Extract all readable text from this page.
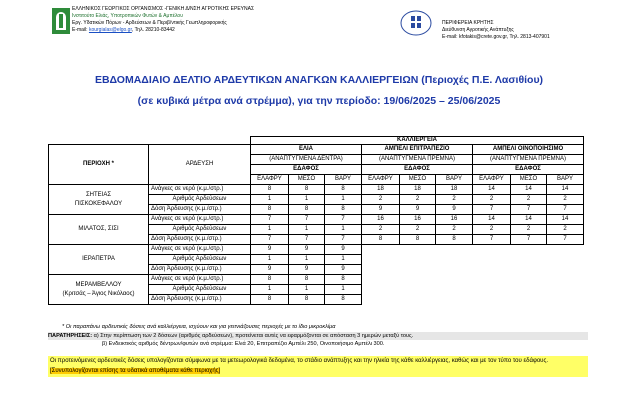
ΕΛΛΗΝΙΚΟΣ ΓΕΩΡΓΙΚΟΣ ΟΡΓΑΝΙΣΜΟΣ -ΓΕΝΙΚΗ Δ/ΝΣΗ ΑΓΡΟΤΙΚΗΣ ΕΡΕΥΝΑΣ
Ινστιτούτο Ελιάς, Υποτροπικών Φυτών & Αμπέλου
Εργ. Υδατικών Πόρων - Αρδεύσεων & Περιβ/ντικής Γεωπληροφορικής
E-mail: kourgialas@elgo.gr, Τηλ. 28210-83442
ΠΕΡΙΦΕΡΕΙΑ ΚΡΗΤΗΣ
Διεύθυνση Αγροτικής Ανάπτυξης
E-mail: kfotakis@crete.gov.gr, Τηλ. 2813-407901
ΕΒΔΟΜΑΔΙΑΙΟ ΔΕΛΤΙΟ ΑΡΔΕΥΤΙΚΩΝ ΑΝΑΓΚΩΝ ΚΑΛΛΙΕΡΓΕΙΩΝ (Περιοχές Π.Ε. Λασιθίου)
(σε κυβικά μέτρα ανά στρέμμα), για την περίοδο: 19/06/2025 – 25/06/2025
		ΚΑΛΛΙΕΡΓΕΙΑ								
ΠΕΡΙΟΧΗ *	ΑΡΔΕΥΣΗ	ΕΛΙΑ			ΑΜΠΕΛΙ ΕΠΙΤΡΑΠΕΖΙΟ			ΑΜΠΕΛΙ ΟΙΝΟΠΟΙΗΣΙΜΟ		
		(ΑΝΑΠΤΥΓΜΕΝΑ ΔΕΝΤΡΑ)			(ΑΝΑΠΤΥΓΜΕΝΑ ΠΡΕΜΝΑ)			(ΑΝΑΠΤΥΓΜΕΝΑ ΠΡΕΜΝΑ)		
		ΕΔΑΦΟΣ			ΕΔΑΦΟΣ			ΕΔΑΦΟΣ		
		ΕΛΑΦΡΥ	ΜΕΣΟ	ΒΑΡΥ	ΕΛΑΦΡΥ	ΜΕΣΟ	ΒΑΡΥ	ΕΛΑΦΡΥ	ΜΕΣΟ	ΒΑΡΥ

ΣΗΤΕΙΑΣ
ΠΙΣΚΟΚΕΦΑΛΟΥ	Ανάγκες σε νερό (κ.μ./στρ.)	8	8	8	18	18	18	14	14	14
	Αριθμός Αρδεύσεων	1	1	1	2	2	2	2	2	2
	Δόση Άρδευσης (κ.μ./στρ.)	8	8	8	9	9	9	7	7	7

ΜΙΛΑΤΟΣ, ΣΙΣΙ	Ανάγκες σε νερό (κ.μ./στρ.)	7	7	7	16	16	16	14	14	14
	Αριθμός Αρδεύσεων	1	1	1	2	2	2	2	2	2
	Δόση Άρδευσης (κ.μ./στρ.)	7	7	7	8	8	8	7	7	7

ΙΕΡΑΠΕΤΡΑ	Ανάγκες σε νερό (κ.μ./στρ.)	9	9	9						
	Αριθμός Αρδεύσεων	1	1	1						
	Δόση Άρδευσης (κ.μ./στρ.)	9	9	9						

ΜΕΡΑΜΒΕΛΛΟΥ
(Κριτσάς – Άγιος Νικόλαος)	Ανάγκες σε νερό (κ.μ./στρ.)	8	8	8						
	Αριθμός Αρδεύσεων	1	1	1						
	Δόση Άρδευσης (κ.μ./στρ.)	8	8	8						
* Οι παραπάνω αρδευτικές δόσεις ανά καλλιέργεια, ισχύουν και για γειτνιάζουσες περιοχές με το ίδιο μικροκλίμα
ΠΑΡΑΤΗΡΗΣΕΙΣ: α) Στην περίπτωση των 2 δόσεων (αριθμός αρδεύσεων), προτείνεται αυτές να εφαρμόζονται σε απόσταση 3 ημερών μεταξύ τους.
β) Ενδεικτικός αριθμός δέντρων/φυτών ανά στρέμμα: Ελιά 20, Επιτραπέζιο Αμπέλι 250, Οινοποιήσιμο Αμπέλι 300.
Οι προτεινόμενες αρδευτικές δόσεις υπολογίζονται σύμφωνα με τα μετεωρολογικά δεδομένα, το στάδιο ανάπτυξης και την ηλικία της κάθε καλλιέργειας, καθώς και με τον τύπο του εδάφους. [Συνυπολογίζονται επίσης τα υδατικά αποθέματα κάθε περιοχής]
